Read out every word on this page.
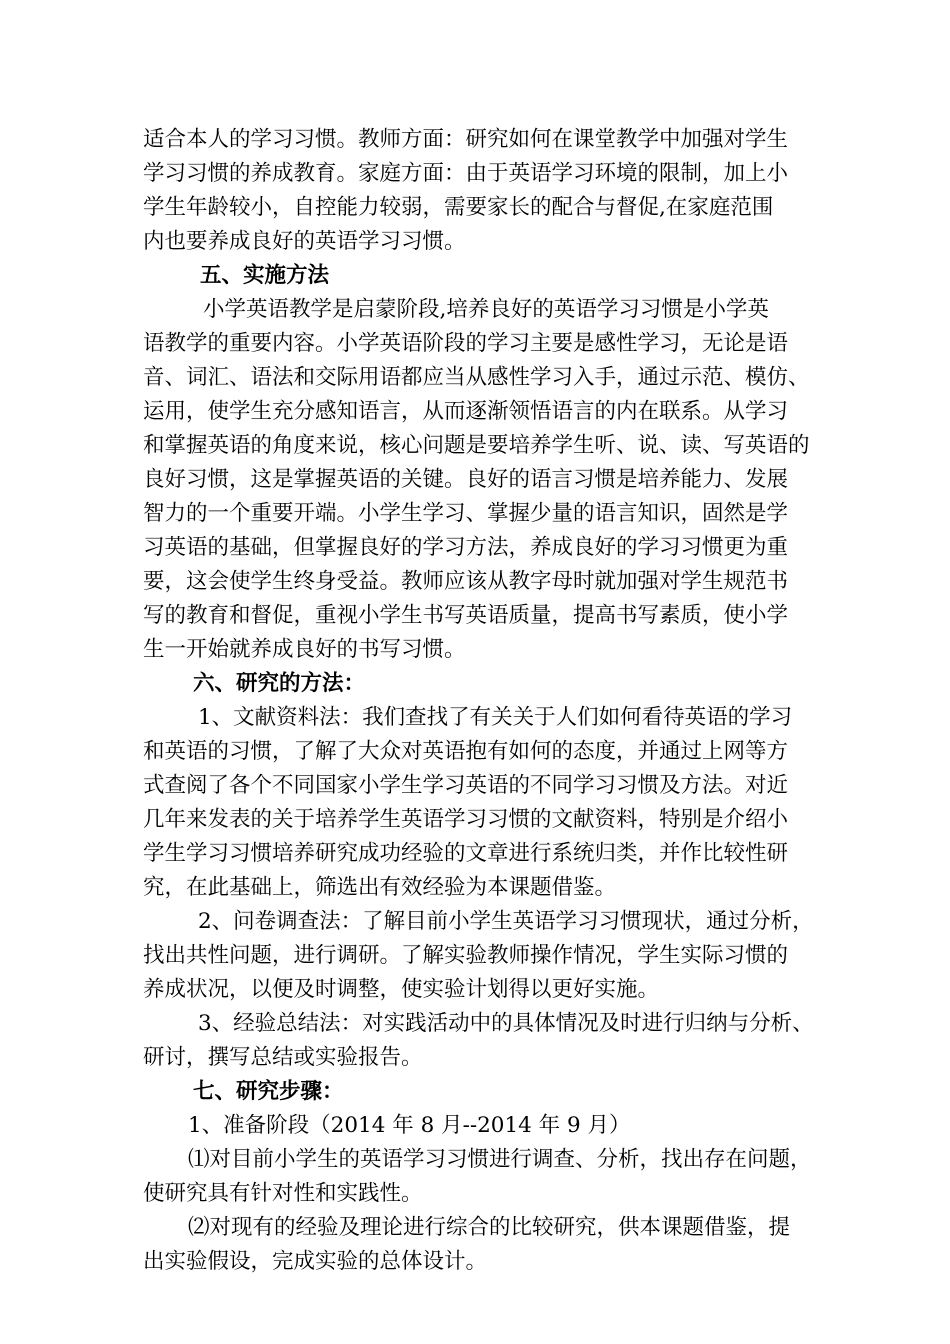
适合本人的学习习惯。教师方面：研究如何在课堂教学中加强对学生
学习习惯的养成教育。家庭方面：由于英语学习环境的限制，加上小
学生年龄较小，自控能力较弱，需要家长的配合与督促,在家庭范围
内也要养成良好的英语学习习惯。
五、实施方法
小学英语教学是启蒙阶段,培养良好的英语学习习惯是小学英
语教学的重要内容。小学英语阶段的学习主要是感性学习，无论是语
音、词汇、语法和交际用语都应当从感性学习入手，通过示范、模仿、
运用，使学生充分感知语言，从而逐渐领悟语言的内在联系。从学习
和掌握英语的角度来说，核心问题是要培养学生听、说、读、写英语的
良好习惯，这是掌握英语的关键。良好的语言习惯是培养能力、发展
智力的一个重要开端。小学生学习、掌握少量的语言知识，固然是学
习英语的基础，但掌握良好的学习方法，养成良好的学习习惯更为重
要，这会使学生终身受益。教师应该从教字母时就加强对学生规范书
写的教育和督促，重视小学生书写英语质量，提高书写素质，使小学
生一开始就养成良好的书写习惯。
六、研究的方法：
1、文献资料法：我们查找了有关关于人们如何看待英语的学习
和英语的习惯，了解了大众对英语抱有如何的态度，并通过上网等方
式查阅了各个不同国家小学生学习英语的不同学习习惯及方法。对近
几年来发表的关于培养学生英语学习习惯的文献资料，特别是介绍小
学生学习习惯培养研究成功经验的文章进行系统归类，并作比较性研
究，在此基础上，筛选出有效经验为本课题借鉴。
2、问卷调查法：了解目前小学生英语学习习惯现状，通过分析，
找出共性问题，进行调研。了解实验教师操作情况，学生实际习惯的
养成状况，以便及时调整，使实验计划得以更好实施。
3、经验总结法：对实践活动中的具体情况及时进行归纳与分析、
研讨，撰写总结或实验报告。
七、研究步骤：
1、准备阶段（2014 年 8 月--2014 年 9 月）
⑴对目前小学生的英语学习习惯进行调查、分析，找出存在问题，
使研究具有针对性和实践性。
⑵对现有的经验及理论进行综合的比较研究，供本课题借鉴，提
出实验假设，完成实验的总体设计。
